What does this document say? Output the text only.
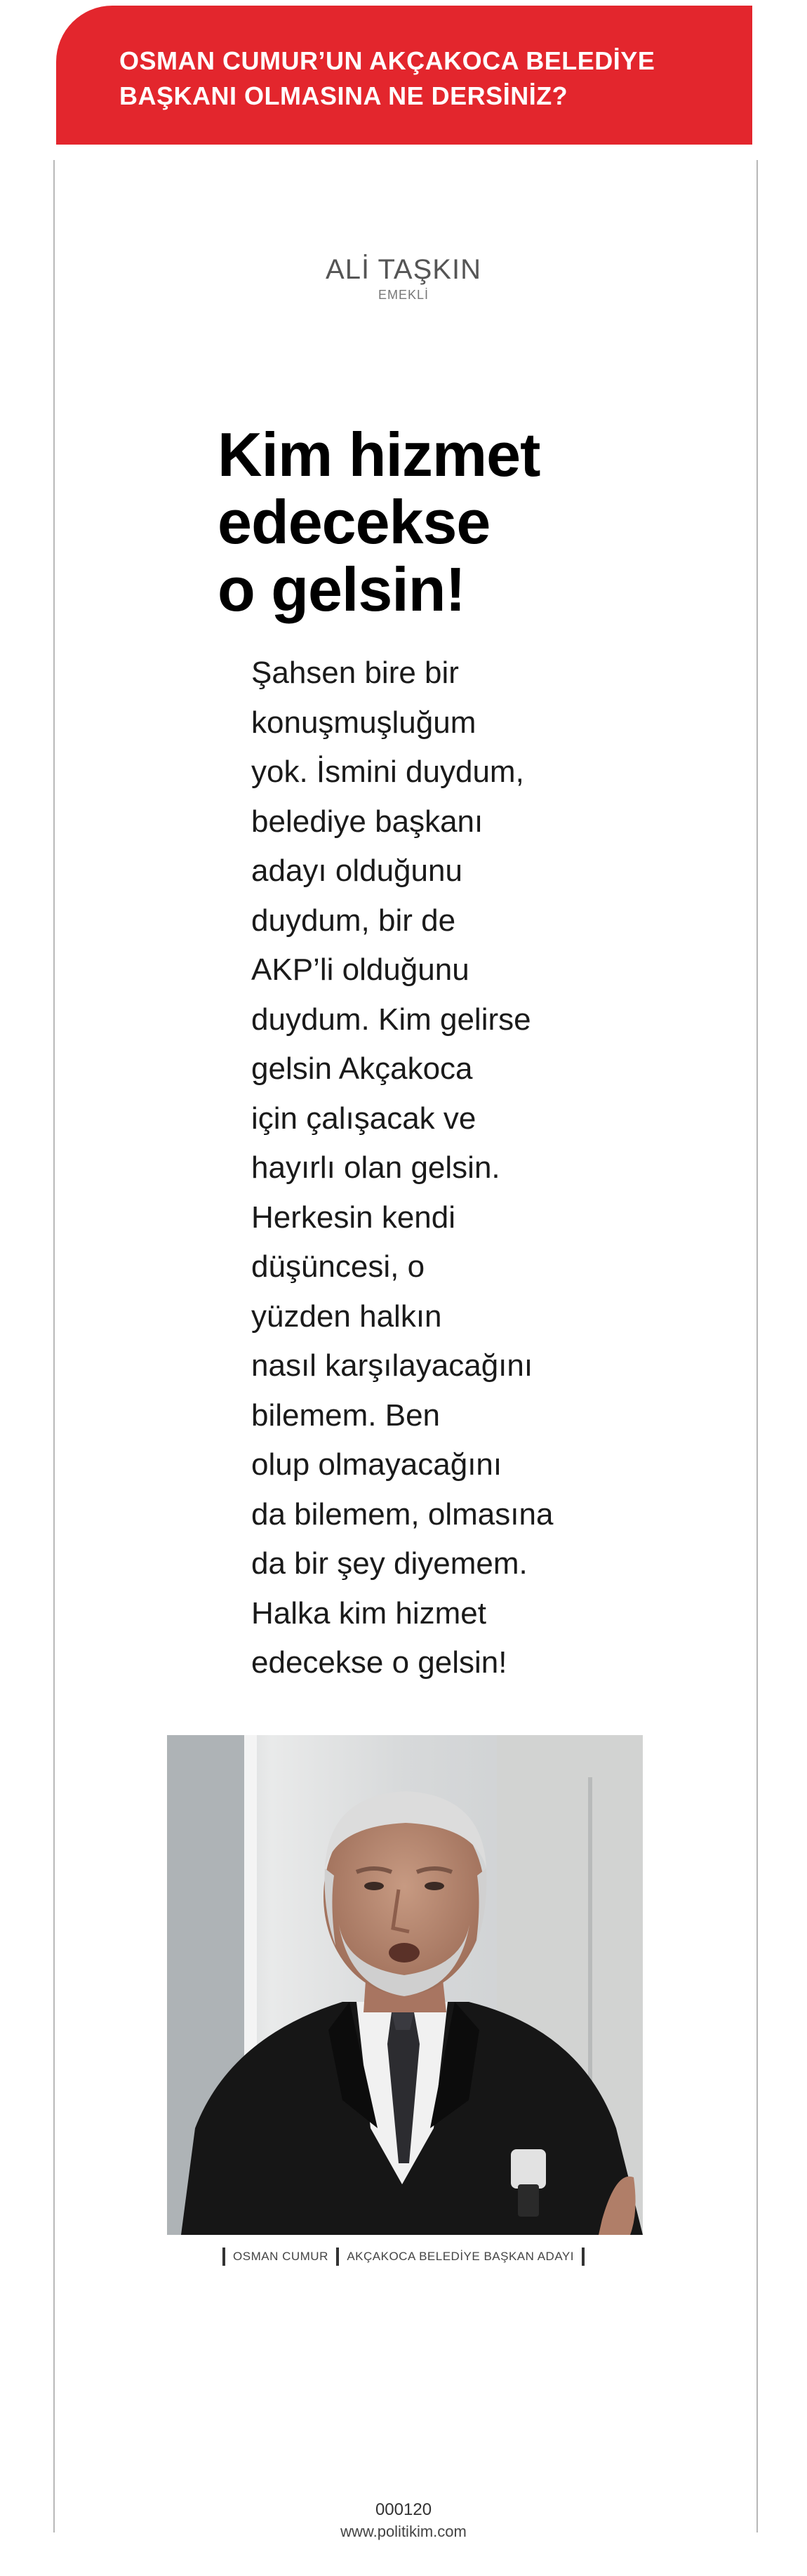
OSMAN CUMUR’UN AKÇAKOCA BELEDİYE
BAŞKANI OLMASINA NE DERSİNİZ?
ALİ TAŞKIN
EMEKLİ
Kim hizmet
edecekse
o gelsin!
Şahsen bire bir
konuşmuşluğum
yok. İsmini duydum,
belediye başkanı
adayı olduğunu
duydum, bir de
AKP’li olduğunu
duydum. Kim gelirse
gelsin Akçakoca
için çalışacak ve
hayırlı olan gelsin.
Herkesin kendi
düşüncesi, o
yüzden halkın
nasıl karşılayacağını
bilemem. Ben
olup olmayacağını
da bilemem, olmasına
da bir şey diyemem.
Halka kim hizmet
edecekse o gelsin!
OSMAN CUMUR AKÇAKOCA BELEDİYE BAŞKAN ADAYI
000120
www.politikim.com
